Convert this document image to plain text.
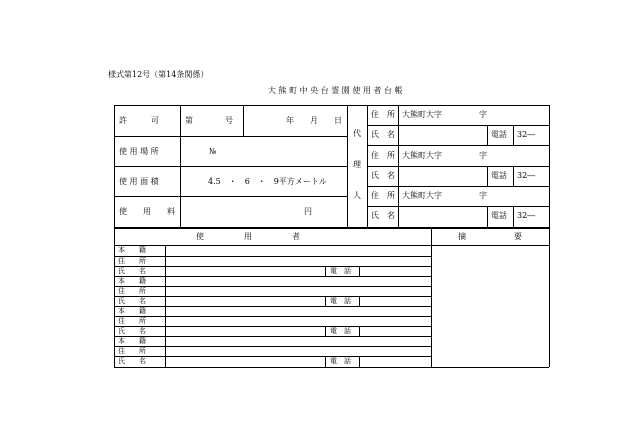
様式第12号（第14条関係）
大 熊 町 中 央 台 霊 園 使 用 者 台 帳
許　　　可	第　　　　号	年　　月　　日
使 用 場 所	№
使 用 面 積	4.5　・　6　・　9平方メートル
使　　用　　料	円
代
理
人
住　所 大熊町大字	字
氏　名	電話 32―
住　所 大熊町大字	字
氏　名	電話 32―
住　所 大熊町大字	字
氏　名	電話 32―
使　　　　　用　　　　　者	摘　　　　　　要
本　　籍
住　　所
氏　　名	電　話
本　　籍
住　　所
氏　　名	電　話
本　　籍
住　　所
氏　　名	電　話
本　　籍
住　　所
氏　　名	電　話
